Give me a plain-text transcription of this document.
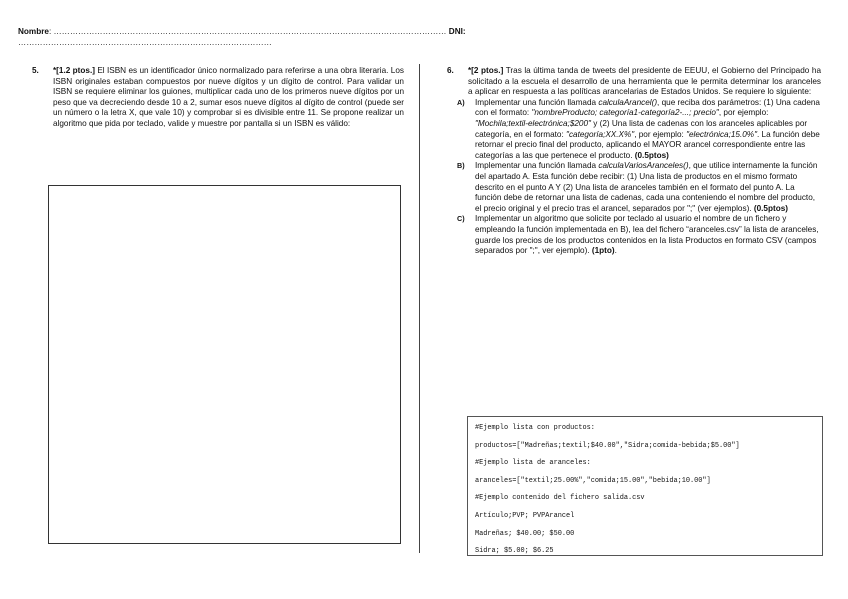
Nombre: ……………………………………………………………………………………………………………………………… DNI:
…………………………………………………………………………………
5. *[1.2 ptos.] El ISBN es un identificador único normalizado para referirse a una obra literaria. Los ISBN originales estaban compuestos por nueve dígitos y un dígito de control. Para validar un ISBN se requiere eliminar los guiones, multiplicar cada uno de los primeros nueve dígitos por un peso que va decreciendo desde 10 a 2, sumar esos nueve dígitos al dígito de control (puede ser un número o la letra X, que vale 10) y comprobar si es divisible entre 11. Se propone realizar un algoritmo que pida por teclado, valide y muestre por pantalla si un ISBN es válido:
6. *[2 ptos.] Tras la última tanda de tweets del presidente de EEUU, el Gobierno del Principado ha solicitado a la escuela el desarrollo de una herramienta que le permita determinar los aranceles a aplicar en respuesta a las políticas arancelarias de Estados Unidos. Se requiere lo siguiente:
A) Implementar una función llamada calculaArancel(), que reciba dos parámetros: (1) Una cadena con el formato: "nombreProducto; categoría1-categoría2-...; precio", por ejemplo: "Mochila;textil-electrónica;$200" y (2) Una lista de cadenas con los aranceles aplicables por categoría, en el formato: "categoría;XX.X%", por ejemplo: "electrónica;15.0%". La función debe retornar el precio final del producto, aplicando el MAYOR arancel correspondiente entre las categorías a las que pertenece el producto. (0.5ptos)
B) Implementar una función llamada calculaVariosAranceles(), que utilice internamente la función del apartado A. Esta función debe recibir: (1) Una lista de productos en el mismo formato descrito en el punto A Y (2) Una lista de aranceles también en el formato del punto A. La función debe de retornar una lista de cadenas, cada una conteniendo el nombre del producto, el precio original y el precio tras el arancel, separados por ";" (ver ejemplos). (0.5ptos)
C) Implementar un algoritmo que solicite por teclado al usuario el nombre de un fichero y empleando la función implementada en B), lea del fichero “aranceles.csv” la lista de aranceles, guarde los precios de los productos contenidos en la lista Productos en formato CSV (campos separados por ";", ver ejemplo). (1pto).
#Ejemplo lista con productos:
productos=["Madreñas;textil;$40.00","Sidra;comida-bebida;$5.00"]
#Ejemplo lista de aranceles:
aranceles=["textil;25.00%","comida;15.00","bebida;10.00"]
#Ejemplo contenido del fichero salida.csv
Artículo;PVP; PVPArancel
Madreñas; $40.00; $50.00
Sidra; $5.00; $6.25
